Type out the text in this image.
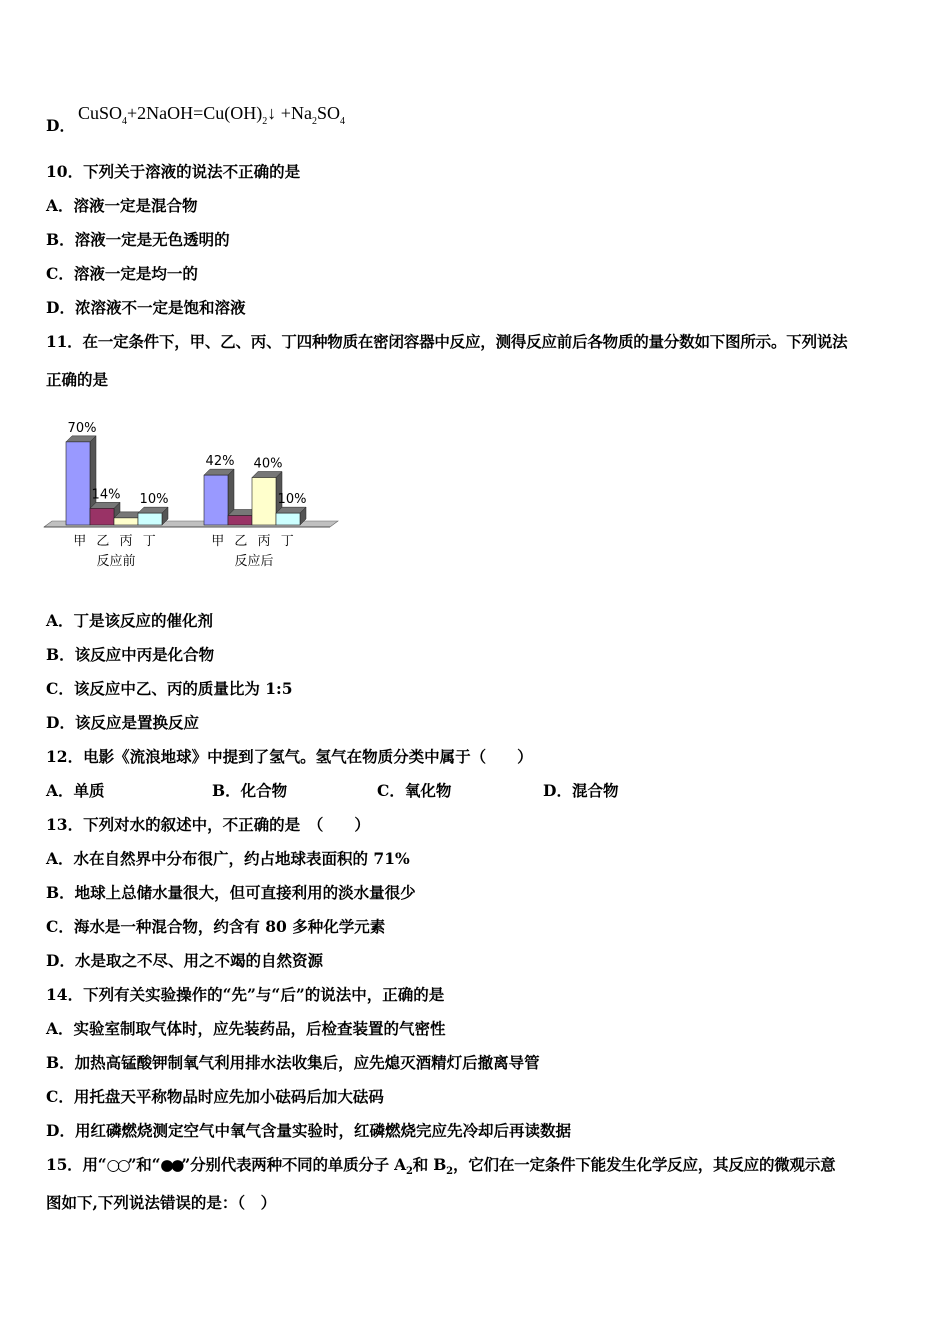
D．
$CuSO_4+2NaOH=Cu(OH)_2↓ +Na_2SO_4$
10．下列关于溶液的说法不正确的是
A．溶液一定是混合物
B．溶液一定是无色透明的
C．溶液一定是均一的
D．浓溶液不一定是饱和溶液
11．在一定条件下，甲、乙、丙、丁四种物质在密闭容器中反应，测得反应前后各物质的量分数如下图所示。下列说法
正确的是
70%
14% 10%
甲 乙 丙 丁
反应前
42% 40%
10%
甲 乙 丙 丁
反应后
A．丁是该反应的催化剂
B．该反应中丙是化合物
C．该反应中乙、丙的质量比为 1:5
D．该反应是置换反应
12．电影《流浪地球》中提到了氢气。氢气在物质分类中属于（　　）
A．单质	B．化合物	C．氧化物	D．混合物
13．下列对水的叙述中，不正确的是　（　　）
A．水在自然界中分布很广，约占地球表面积的 71%
B．地球上总储水量很大，但可直接利用的淡水量很少
C．海水是一种混合物，约含有 80 多种化学元素
D．水是取之不尽、用之不竭的自然资源
14．下列有关实验操作的“先”与“后”的说法中，正确的是
A．实验室制取气体时，应先装药品，后检查装置的气密性
B．加热高锰酸钾制氧气利用排水法收集后，应先熄灭酒精灯后撤离导管
C．用托盘天平称物品时应先加小砝码后加大砝码
D．用红磷燃烧测定空气中氧气含量实验时，红磷燃烧完应先冷却后再读数据
15．用“○○”和“●●”分别代表两种不同的单质分子 $A_2$和 $B_2$，它们在一定条件下能发生化学反应，其反应的微观示意
图如下,下列说法错误的是：（　）
